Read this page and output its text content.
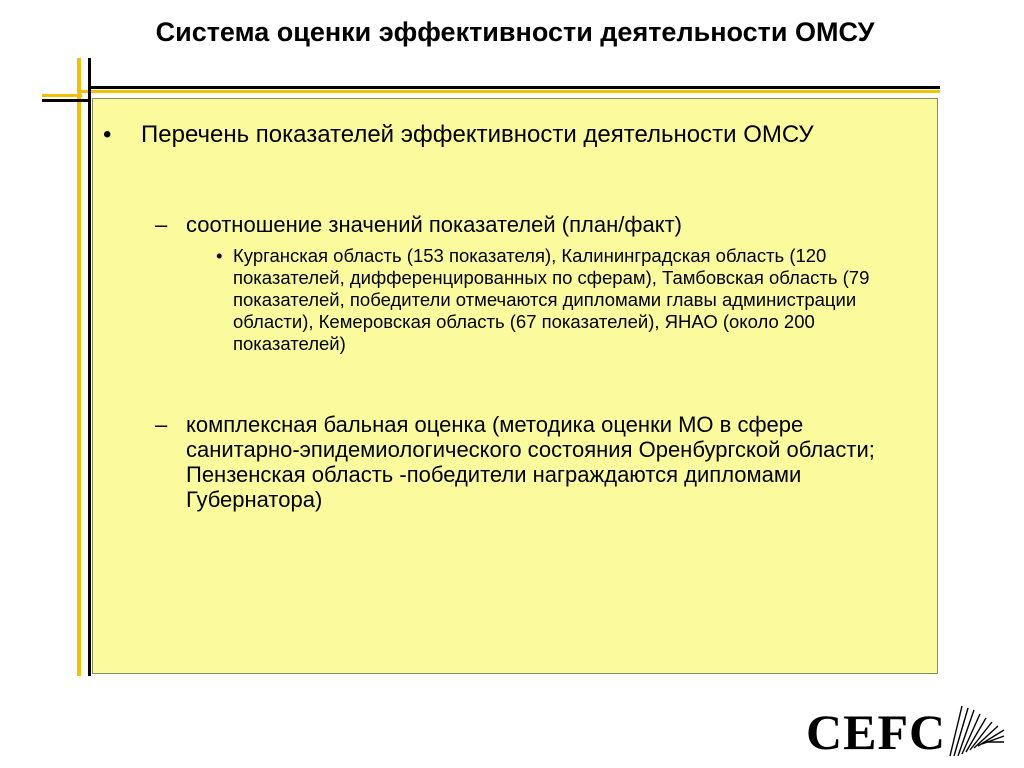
Система оценки эффективности деятельности ОМСУ
• Перечень показателей эффективности деятельности ОМСУ
– соотношение значений показателей (план/факт)
• Курганская область (153 показателя), Калининградская область (120 показателей, дифференцированных по сферам), Тамбовская область (79 показателей, победители отмечаются дипломами главы администрации области), Кемеровская область (67 показателей), ЯНАО (около 200 показателей)
– комплексная бальная оценка (методика оценки МО в сфере санитарно-эпидемиологического состояния Оренбургской области; Пензенская область -победители награждаются дипломами Губернатора)
CEFC
